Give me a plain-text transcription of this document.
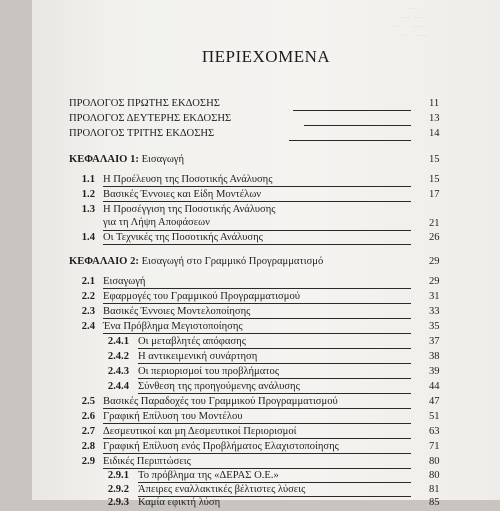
......
......  ....
.....     ......
....    .....
ΠΕΡΙΕΧΟΜΕΝΑ
ΠΡΟΛΟΓΟΣ ΠΡΩΤΗΣ ΕΚΔΟΣΗΣ	11
ΠΡΟΛΟΓΟΣ ΔΕΥΤΕΡΗΣ ΕΚΔΟΣΗΣ	13
ΠΡΟΛΟΓΟΣ ΤΡΙΤΗΣ ΕΚΔΟΣΗΣ	14
ΚΕΦΑΛΑΙΟ 1: Εισαγωγή	15
1.1 Η Προέλευση της Ποσοτικής Ανάλυσης	15
1.2 Βασικές Έννοιες και Είδη Μοντέλων	17
1.3 Η Προσέγγιση της Ποσοτικής Ανάλυσης
για τη Λήψη Αποφάσεων	21
1.4 Οι Τεχνικές της Ποσοτικής Ανάλυσης	26
ΚΕΦΑΛΑΙΟ 2: Εισαγωγή στο Γραμμικό Προγραμματισμό	29
2.1 Εισαγωγή	29
2.2 Εφαρμογές του Γραμμικού Προγραμματισμού	31
2.3 Βασικές Έννοιες Μοντελοποίησης	33
2.4 Ένα Πρόβλημα Μεγιστοποίησης	35
2.4.1 Οι μεταβλητές απόφασης	37
2.4.2 Η αντικειμενική συνάρτηση	38
2.4.3 Οι περιορισμοί του προβλήματος	39
2.4.4 Σύνθεση της προηγούμενης ανάλυσης	44
2.5 Βασικές Παραδοχές του Γραμμικού Προγραμματισμού	47
2.6 Γραφική Επίλυση του Μοντέλου	51
2.7 Δεσμευτικοί και μη Δεσμευτικοί Περιορισμοί	63
2.8 Γραφική Επίλυση ενός Προβλήματος Ελαχιστοποίησης	71
2.9 Ειδικές Περιπτώσεις	80
2.9.1 Το πρόβλημα της «ΔΕΡΑΣ Ο.Ε.»	80
2.9.2 Άπειρες εναλλακτικές βέλτιστες λύσεις	81
2.9.3 Καμία εφικτή λύση	85
